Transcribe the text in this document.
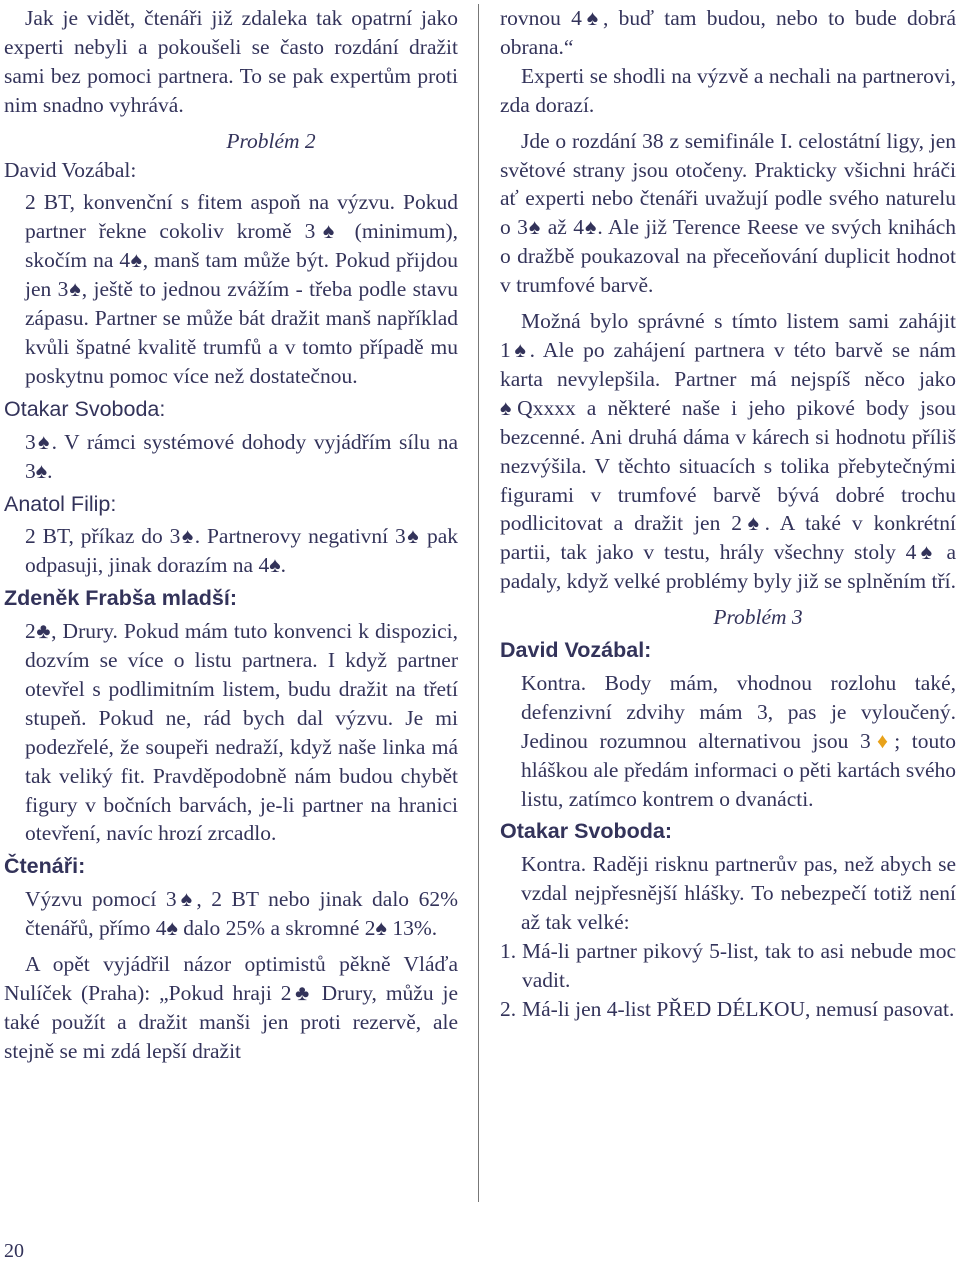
Jak je vidět, čtenáři již zdaleka tak opatrní jako experti nebyli a pokoušeli se často rozdání dražit sami bez pomoci partnera. To se pak expertům proti nim snadno vyhrává.

Problém 2

David Vozábal:

2 BT, konvenční s fitem aspoň na výzvu. Pokud partner řekne cokoliv kromě 3♠ (minimum), skočím na 4♠, manš tam může být. Pokud přijdou jen 3♠, ještě to jednou zvážím - třeba podle stavu zápasu. Partner se může bát dražit manš například kvůli špatné kvalitě trumfů a v tomto případě mu poskytnu pomoc více než dostatečnou.

Otakar Svoboda:

3♠. V rámci systémové dohody vyjádřím sílu na 3♠.

Anatol Filip:

2 BT, příkaz do 3♠. Partnerovy negativní 3♠ pak odpasuji, jinak dorazím na 4♠.

Zdeněk Frabša mladší:

2♣, Drury. Pokud mám tuto konvenci k dispozici, dozvím se více o listu partnera. I když partner otevřel s podlimitním listem, budu dražit na třetí stupeň. Pokud ne, rád bych dal výzvu. Je mi podezřelé, že soupeři nedraží, když naše linka má tak veliký fit. Pravděpodobně nám budou chybět figury v bočních barvách, je-li partner na hranici otevření, navíc hrozí zrcadlo.

Čtenáři:

Výzvu pomocí 3♠, 2 BT nebo jinak dalo 62% čtenářů, přímo 4♠ dalo 25% a skromné 2♠ 13%.

A opět vyjádřil názor optimistů pěkně Vláďa Nulíček (Praha): „Pokud hraji 2♣ Drury, můžu je také použít a dražit manši jen proti rezervě, ale stejně se mi zdá lepší dražit

rovnou 4♠, buď tam budou, nebo to bude dobrá obrana.“

Experti se shodli na výzvě a nechali na partnerovi, zda dorazí.

Jde o rozdání 38 z semifinále I. celostátní ligy, jen světové strany jsou otočeny. Prakticky všichni hráči ať experti nebo čtenáři uvažují podle svého naturelu o 3♠ až 4♠. Ale již Terence Reese ve svých knihách o dražbě poukazoval na přeceňování duplicit hodnot v trumfové barvě.

Možná bylo správné s tímto listem sami zahájit 1♠. Ale po zahájení partnera v této barvě se nám karta nevylepšila. Partner má nejspíš něco jako ♠Qxxxx a některé naše i jeho pikové body jsou bezcenné. Ani druhá dáma v kárech si hodnotu příliš nezvýšila. V těchto situacích s tolika přebytečnými figurami v trumfové barvě bývá dobré trochu podlicitovat a dražit jen 2♠. A také v konkrétní partii, tak jako v testu, hrály všechny stoly 4♠ a padaly, když velké problémy byly již se splněním tří.

Problém 3

David Vozábal:

Kontra. Body mám, vhodnou rozlohu také, defenzivní zdvihy mám 3, pas je vyloučený. Jedinou rozumnou alternativou jsou 3♦; touto hláškou ale předám informaci o pěti kartách svého listu, zatímco kontrem o dvanácti.

Otakar Svoboda:

Kontra. Raději risknu partnerův pas, než abych se vzdal nejpřesnější hlášky. To nebezpečí totiž není až tak velké:

1. Má-li partner pikový 5-list, tak to asi nebude moc vadit.
2. Má-li jen 4-list PŘED DÉLKOU, nemusí pasovat.
20
